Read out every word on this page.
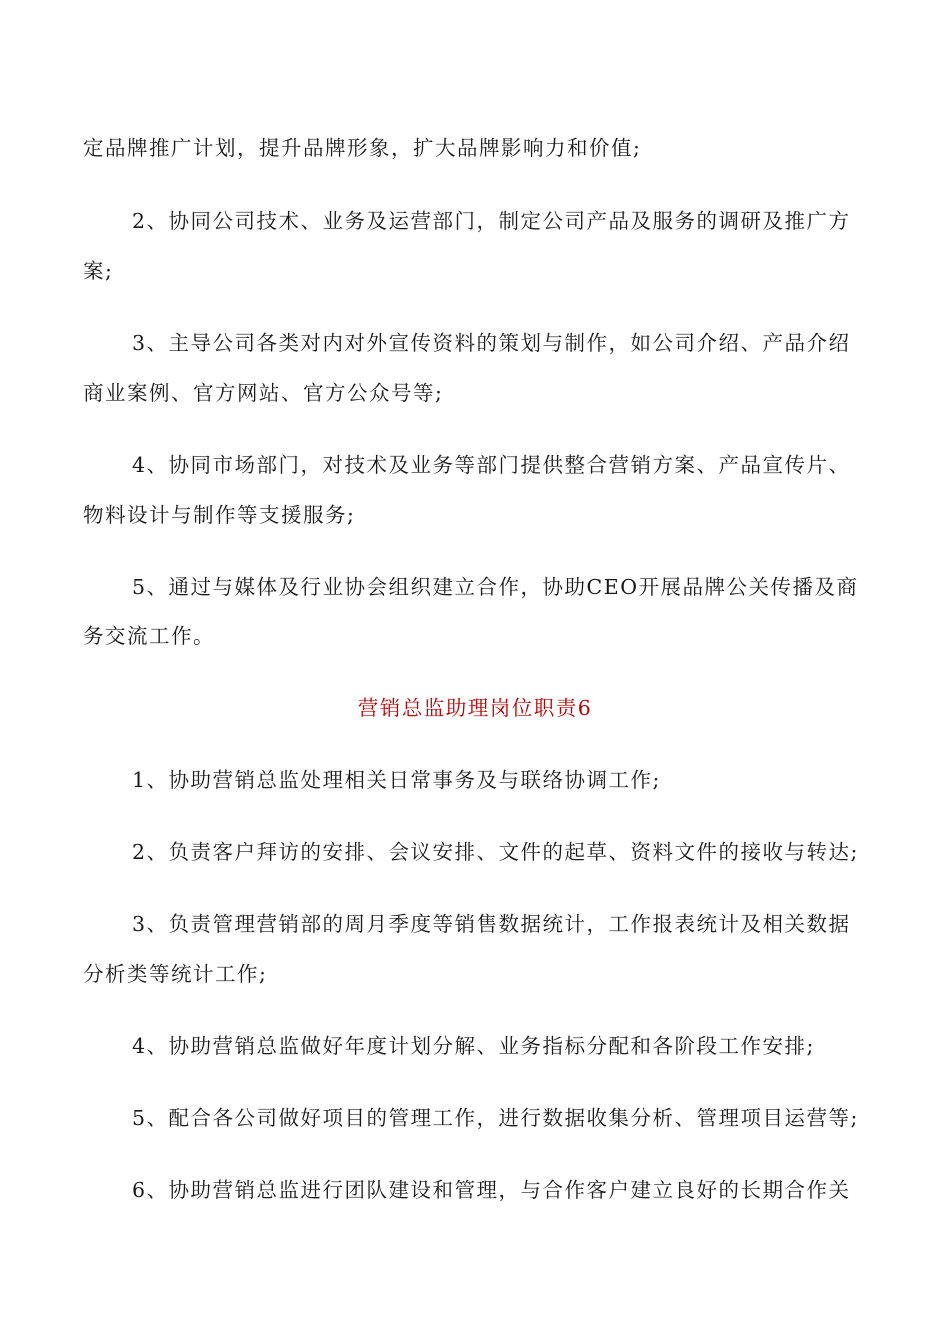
定品牌推广计划，提升品牌形象，扩大品牌影响力和价值;
2、协同公司技术、业务及运营部门，制定公司产品及服务的调研及推广方
案;
3、主导公司各类对内对外宣传资料的策划与制作，如公司介绍、产品介绍
商业案例、官方网站、官方公众号等;
4、协同市场部门，对技术及业务等部门提供整合营销方案、产品宣传片、
物料设计与制作等支援服务;
5、通过与媒体及行业协会组织建立合作，协助CEO开展品牌公关传播及商
务交流工作。
营销总监助理岗位职责6
1、协助营销总监处理相关日常事务及与联络协调工作;
2、负责客户拜访的安排、会议安排、文件的起草、资料文件的接收与转达;
3、负责管理营销部的周月季度等销售数据统计，工作报表统计及相关数据
分析类等统计工作;
4、协助营销总监做好年度计划分解、业务指标分配和各阶段工作安排;
5、配合各公司做好项目的管理工作，进行数据收集分析、管理项目运营等;
6、协助营销总监进行团队建设和管理，与合作客户建立良好的长期合作关
